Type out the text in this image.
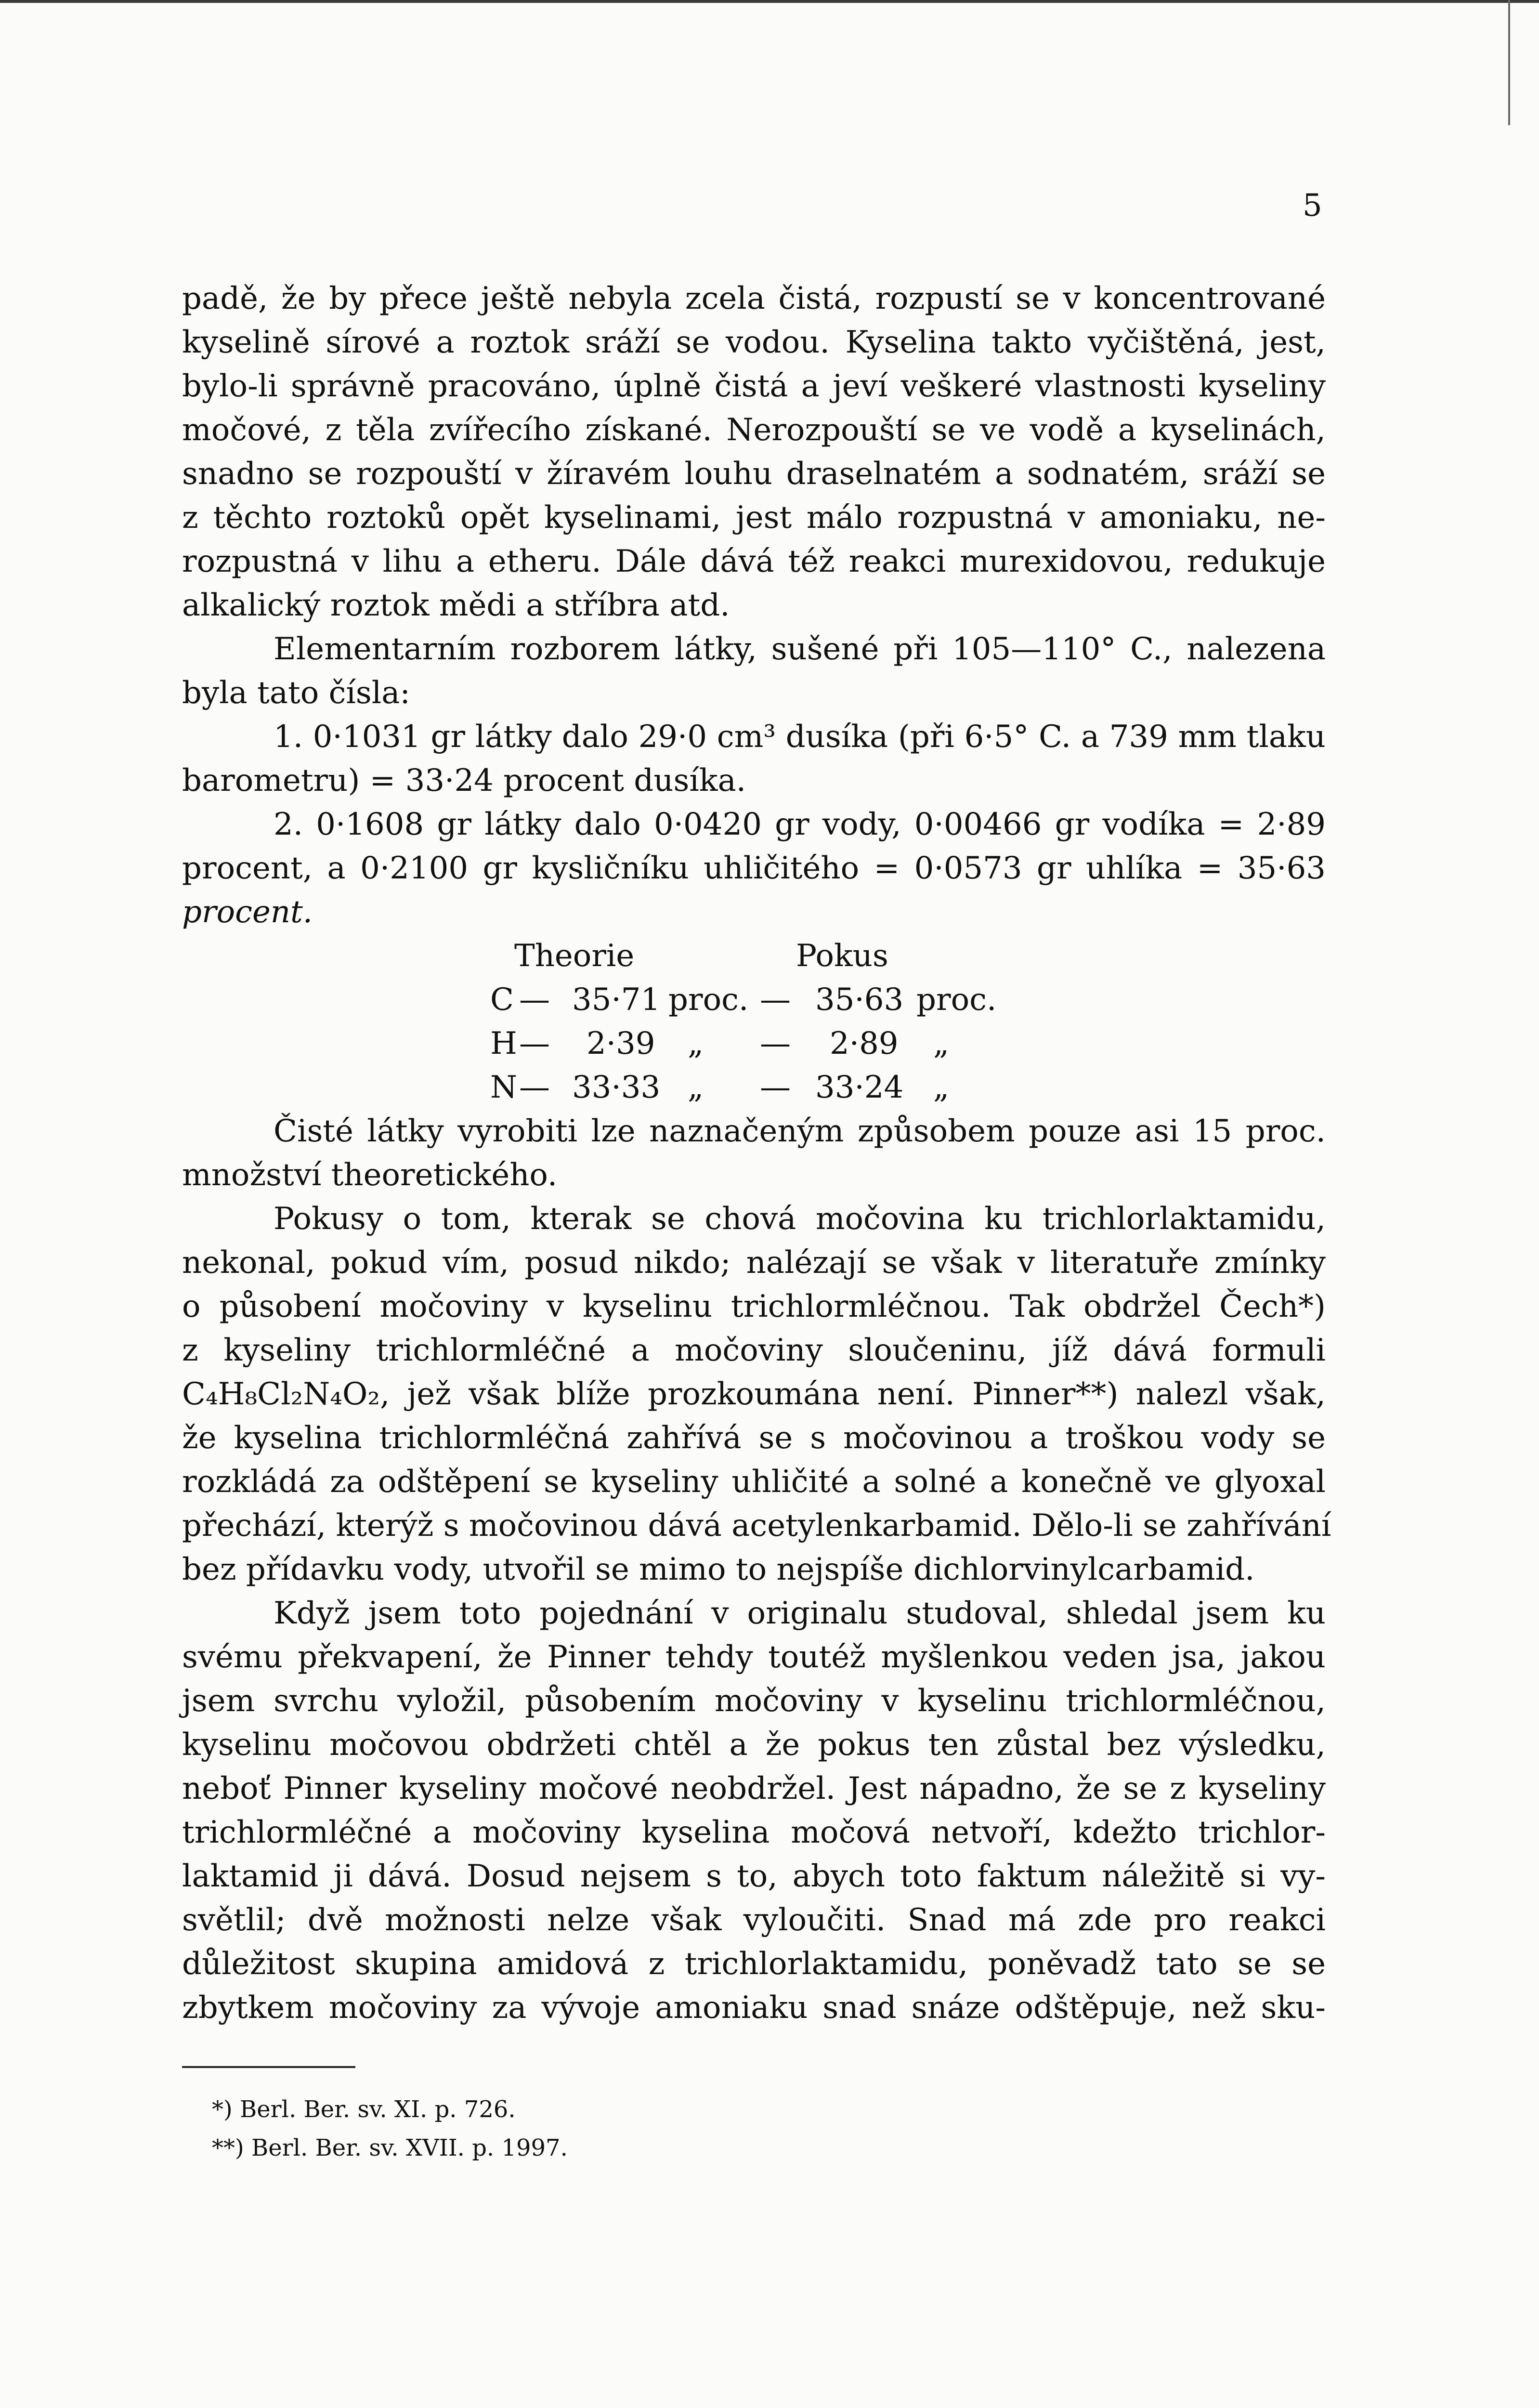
5
padě, že by přece ještě nebyla zcela čistá, rozpustí se v koncentrované
kyselině sírové a roztok sráží se vodou. Kyselina takto vyčištěná, jest,
bylo-li správně pracováno, úplně čistá a jeví veškeré vlastnosti kyseliny
močové, z těla zvířecího získané. Nerozpouští se ve vodě a kyselinách,
snadno se rozpouští v žíravém louhu draselnatém a sodnatém, sráží se
z těchto roztoků opět kyselinami, jest málo rozpustná v amoniaku, ne-
rozpustná v lihu a etheru. Dále dává též reakci murexidovou, redukuje
alkalický roztok mědi a stříbra atd.
Elementarním rozborem látky, sušené při 105—110° C., nalezena
byla tato čísla:
1. 0·1031 gr látky dalo 29·0 cm³ dusíka (při 6·5° C. a 739 mm tlaku
barometru) = 33·24 procent dusíka.
2. 0·1608 gr látky dalo 0·0420 gr vody, 0·00466 gr vodíka = 2·89
procent, a 0·2100 gr kysličníku uhličitého = 0·0573 gr uhlíka = 35·63
procent.
Theorie	Pokus
C — 35·71 proc. — 35·63 proc.
H — 2·39 „ — 2·89 „
N — 33·33 „ — 33·24 „
Čisté látky vyrobiti lze naznačeným způsobem pouze asi 15 proc.
množství theoretického.
Pokusy o tom, kterak se chová močovina ku trichlorlaktamidu,
nekonal, pokud vím, posud nikdo; nalézají se však v literatuře zmínky
o působení močoviny v kyselinu trichlormléčnou. Tak obdržel Čech*)
z kyseliny trichlormléčné a močoviny sloučeninu, jíž dává formuli
C₄H₈Cl₂N₄O₂, jež však blíže prozkoumána není. Pinner**) nalezl však,
že kyselina trichlormléčná zahřívá se s močovinou a troškou vody se
rozkládá za odštěpení se kyseliny uhličité a solné a konečně ve glyoxal
přechází, kterýž s močovinou dává acetylenkarbamid. Dělo-li se zahřívání
bez přídavku vody, utvořil se mimo to nejspíše dichlorvinylcarbamid.
Když jsem toto pojednání v originalu studoval, shledal jsem ku
svému překvapení, že Pinner tehdy toutéž myšlenkou veden jsa, jakou
jsem svrchu vyložil, působením močoviny v kyselinu trichlormléčnou,
kyselinu močovou obdržeti chtěl a že pokus ten zůstal bez výsledku,
neboť Pinner kyseliny močové neobdržel. Jest nápadno, že se z kyseliny
trichlormléčné a močoviny kyselina močová netvoří, kdežto trichlor-
laktamid ji dává. Dosud nejsem s to, abych toto faktum náležitě si vy-
světlil; dvě možnosti nelze však vyloučiti. Snad má zde pro reakci
důležitost skupina amidová z trichlorlaktamidu, poněvadž tato se se
zbytkem močoviny za vývoje amoniaku snad snáze odštěpuje, než sku-
*) Berl. Ber. sv. XI. p. 726.
**) Berl. Ber. sv. XVII. p. 1997.
